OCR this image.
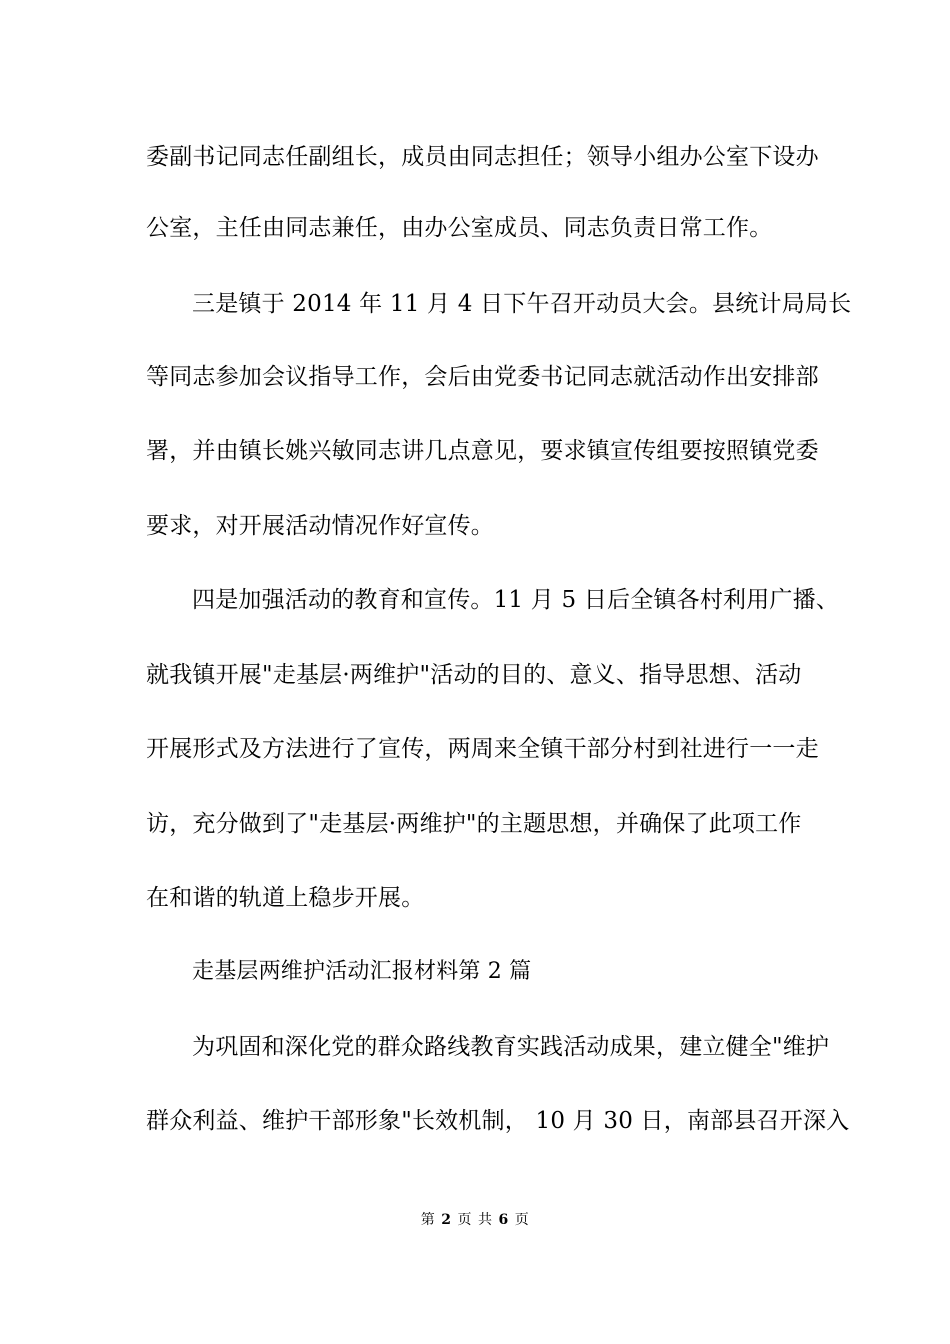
委副书记同志任副组长，成员由同志担任；领导小组办公室下设办
公室，主任由同志兼任，由办公室成员、同志负责日常工作。
三是镇于 2014 年 11 月 4 日下午召开动员大会。县统计局局长
等同志参加会议指导工作，会后由党委书记同志就活动作出安排部
署，并由镇长姚兴敏同志讲几点意见，要求镇宣传组要按照镇党委
要求，对开展活动情况作好宣传。
四是加强活动的教育和宣传。11 月 5 日后全镇各村利用广播、
就我镇开展"走基层·两维护"活动的目的、意义、指导思想、活动
开展形式及方法进行了宣传，两周来全镇干部分村到社进行一一走
访，充分做到了"走基层·两维护"的主题思想，并确保了此项工作
在和谐的轨道上稳步开展。
走基层两维护活动汇报材料第 2 篇
为巩固和深化党的群众路线教育实践活动成果，建立健全"维护
群众利益、维护干部形象"长效机制， 10 月 30 日，南部县召开深入
第 2 页 共 6 页
